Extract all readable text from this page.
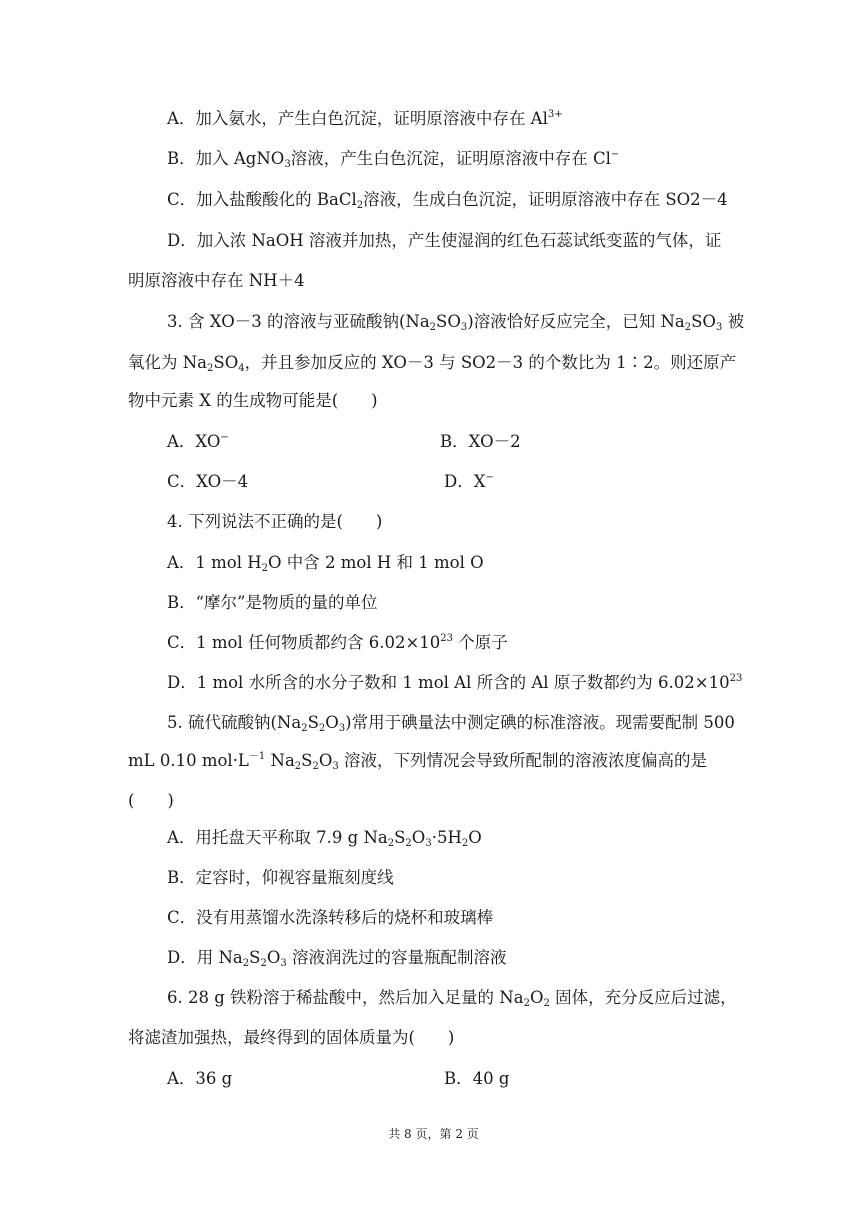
A．加入氨水，产生白色沉淀，证明原溶液中存在 $Al^{3+}$
B．加入 AgNO$_3$溶液，产生白色沉淀，证明原溶液中存在 Cl−
C．加入盐酸酸化的 BaCl$_2$溶液，生成白色沉淀，证明原溶液中存在 SO2－4
D．加入浓 NaOH 溶液并加热，产生使湿润的红色石蕊试纸变蓝的气体，证
明原溶液中存在 NH＋4
3. 含 XO－3 的溶液与亚硫酸钠$(Na_2SO_3)$溶液恰好反应完全，已知 $Na_2SO_3$ 被
氧化为 $Na_2SO_4$，并且参加反应的 XO－3 与 SO2－3 的个数比为 1∶2。则还原产
物中元素 X 的生成物可能是(　　)
A．XO−	B．XO－2
C．XO－4	D．X−
4. 下列说法不正确的是(　　)
A．1 mol $H_2O$ 中含 2 mol H 和 1 mol O
B．“摩尔”是物质的量的单位
C．1 mol 任何物质都约含 $6.02\times 10^{23}$ 个原子
D．1 mol 水所含的水分子数和 1 mol Al 所含的 Al 原子数都约为 $6.02\times 10^{23}$
5. 硫代硫酸钠$(Na_2S_2O_3)$常用于碘量法中测定碘的标准溶液。现需要配制 500
mL 0.10 $mol\cdot L^{-1}$ $Na_2S_2O_3$ 溶液，下列情况会导致所配制的溶液浓度偏高的是
(　　)
A．用托盘天平称取 7.9 g $Na_2S_2O_3\cdot 5H_2O$
B．定容时，仰视容量瓶刻度线
C．没有用蒸馏水洗涤转移后的烧杯和玻璃棒
D．用 $Na_2S_2O_3$ 溶液润洗过的容量瓶配制溶液
6. 28 g 铁粉溶于稀盐酸中，然后加入足量的 $Na_2O_2$ 固体，充分反应后过滤，
将滤渣加强热，最终得到的固体质量为(　　)
A．36 g	B．40 g
共 8 页，第 2 页
